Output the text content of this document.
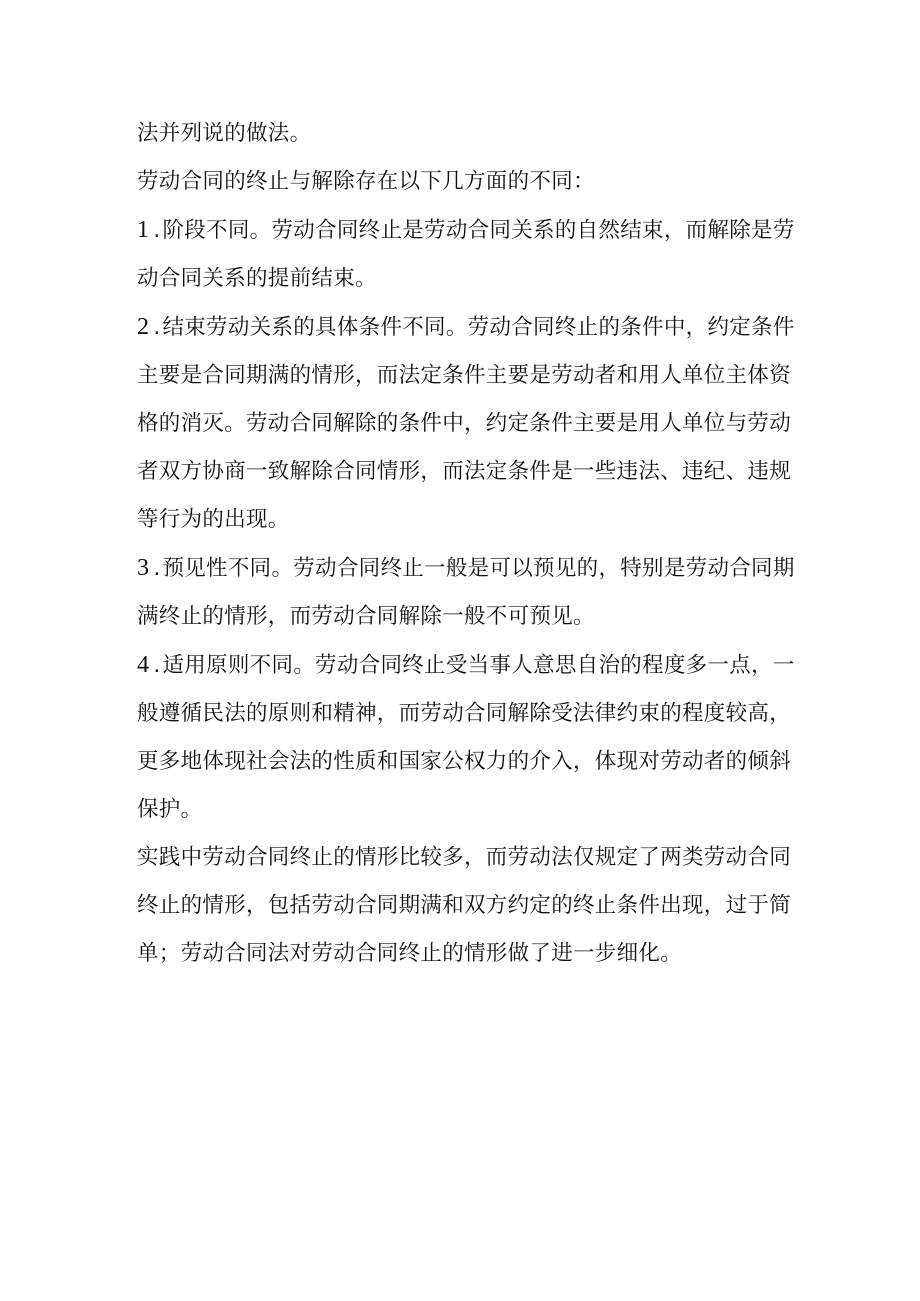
法并列说的做法。

劳动合同的终止与解除存在以下几方面的不同：

1 .阶段不同。劳动合同终止是劳动合同关系的自然结束，而解除是劳动合同关系的提前结束。

2 .结束劳动关系的具体条件不同。劳动合同终止的条件中，约定条件主要是合同期满的情形，而法定条件主要是劳动者和用人单位主体资格的消灭。劳动合同解除的条件中，约定条件主要是用人单位与劳动者双方协商一致解除合同情形，而法定条件是一些违法、违纪、违规等行为的出现。

3 .预见性不同。劳动合同终止一般是可以预见的，特别是劳动合同期满终止的情形，而劳动合同解除一般不可预见。

4 .适用原则不同。劳动合同终止受当事人意思自治的程度多一点，一般遵循民法的原则和精神，而劳动合同解除受法律约束的程度较高，更多地体现社会法的性质和国家公权力的介入，体现对劳动者的倾斜保护。

实践中劳动合同终止的情形比较多，而劳动法仅规定了两类劳动合同终止的情形，包括劳动合同期满和双方约定的终止条件出现，过于简单；劳动合同法对劳动合同终止的情形做了进一步细化。
